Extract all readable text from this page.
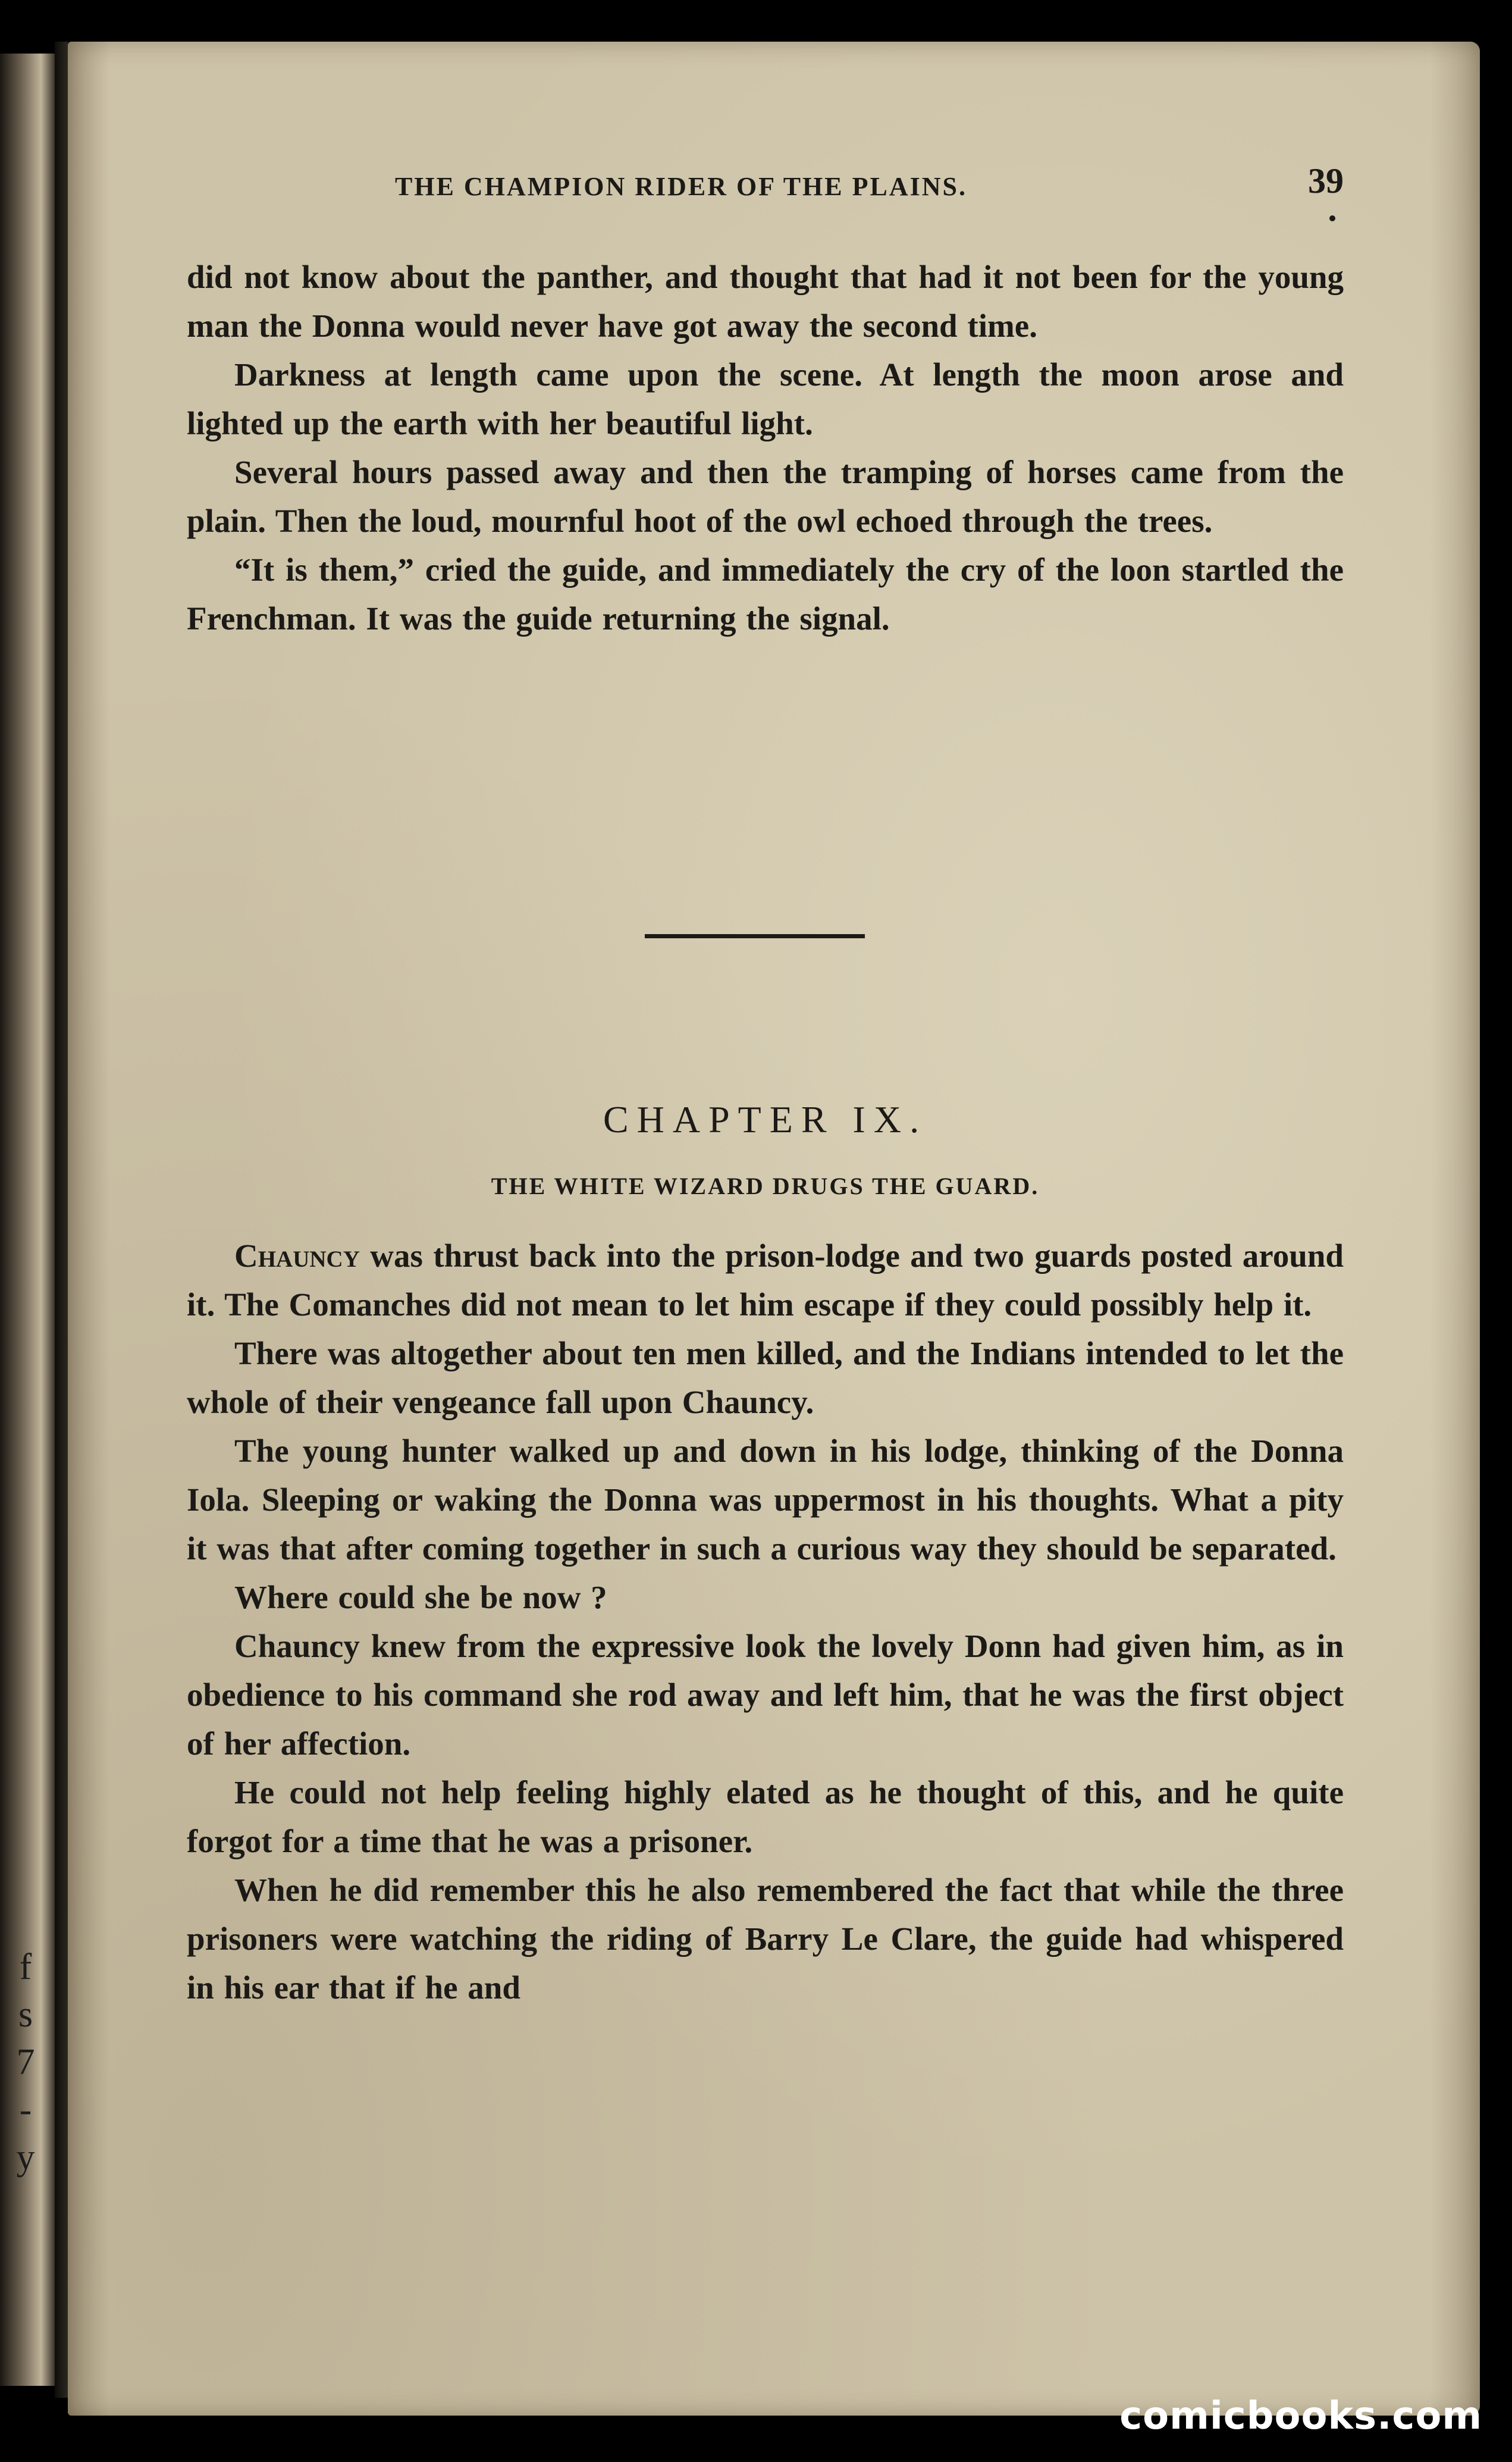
f
s
7
-
y
THE CHAMPION RIDER OF THE PLAINS.	39

did not know about the panther, and thought that had it not been for the young man the Donna would never have got away the second time.

Darkness at length came upon the scene. At length the moon arose and lighted up the earth with her beautiful light.

Several hours passed away and then the tramping of horses came from the plain. Then the loud, mournful hoot of the owl echoed through the trees.

“It is them,” cried the guide, and immediately the cry of the loon startled the Frenchman. It was the guide returning the signal.

CHAPTER IX.
THE WHITE WIZARD DRUGS THE GUARD.

Chauncy was thrust back into the prison-lodge and two guards posted around it. The Comanches did not mean to let him escape if they could possibly help it.

There was altogether about ten men killed, and the Indians intended to let the whole of their vengeance fall upon Chauncy.

The young hunter walked up and down in his lodge, thinking of the Donna Iola. Sleeping or waking the Donna was uppermost in his thoughts. What a pity it was that after coming together in such a curious way they should be separated.

Where could she be now ?

Chauncy knew from the expressive look the lovely Donn had given him, as in obedience to his command she rod away and left him, that he was the first object of her affection.

He could not help feeling highly elated as he thought of this, and he quite forgot for a time that he was a prisoner.

When he did remember this he also remembered the fact that while the three prisoners were watching the riding of Barry Le Clare, the guide had whispered in his ear that if he and

comicbooks.com
